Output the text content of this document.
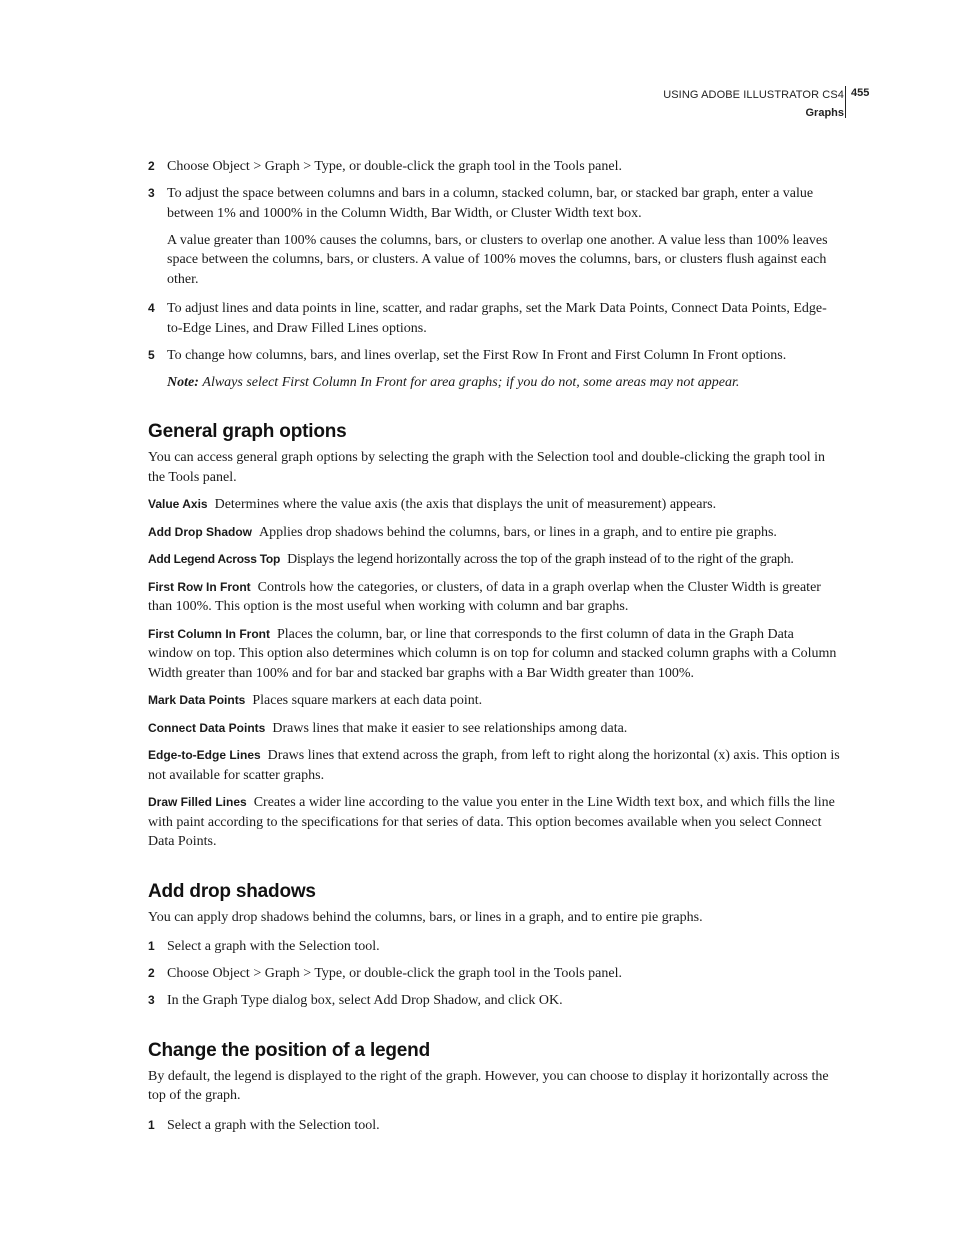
USING ADOBE ILLUSTRATOR CS4
Graphs
455

2 Choose Object > Graph > Type, or double-click the graph tool in the Tools panel.

3 To adjust the space between columns and bars in a column, stacked column, bar, or stacked bar graph, enter a value between 1% and 1000% in the Column Width, Bar Width, or Cluster Width text box.

A value greater than 100% causes the columns, bars, or clusters to overlap one another. A value less than 100% leaves space between the columns, bars, or clusters. A value of 100% moves the columns, bars, or clusters flush against each other.

4 To adjust lines and data points in line, scatter, and radar graphs, set the Mark Data Points, Connect Data Points, Edge-to-Edge Lines, and Draw Filled Lines options.

5 To change how columns, bars, and lines overlap, set the First Row In Front and First Column In Front options.

Note: Always select First Column In Front for area graphs; if you do not, some areas may not appear.

General graph options

You can access general graph options by selecting the graph with the Selection tool and double-clicking the graph tool in the Tools panel.

Value Axis Determines where the value axis (the axis that displays the unit of measurement) appears.

Add Drop Shadow Applies drop shadows behind the columns, bars, or lines in a graph, and to entire pie graphs.

Add Legend Across Top Displays the legend horizontally across the top of the graph instead of to the right of the graph.

First Row In Front Controls how the categories, or clusters, of data in a graph overlap when the Cluster Width is greater than 100%. This option is the most useful when working with column and bar graphs.

First Column In Front Places the column, bar, or line that corresponds to the first column of data in the Graph Data window on top. This option also determines which column is on top for column and stacked column graphs with a Column Width greater than 100% and for bar and stacked bar graphs with a Bar Width greater than 100%.

Mark Data Points Places square markers at each data point.

Connect Data Points Draws lines that make it easier to see relationships among data.

Edge-to-Edge Lines Draws lines that extend across the graph, from left to right along the horizontal (x) axis. This option is not available for scatter graphs.

Draw Filled Lines Creates a wider line according to the value you enter in the Line Width text box, and which fills the line with paint according to the specifications for that series of data. This option becomes available when you select Connect Data Points.

Add drop shadows

You can apply drop shadows behind the columns, bars, or lines in a graph, and to entire pie graphs.

1 Select a graph with the Selection tool.

2 Choose Object > Graph > Type, or double-click the graph tool in the Tools panel.

3 In the Graph Type dialog box, select Add Drop Shadow, and click OK.

Change the position of a legend

By default, the legend is displayed to the right of the graph. However, you can choose to display it horizontally across the top of the graph.

1 Select a graph with the Selection tool.
